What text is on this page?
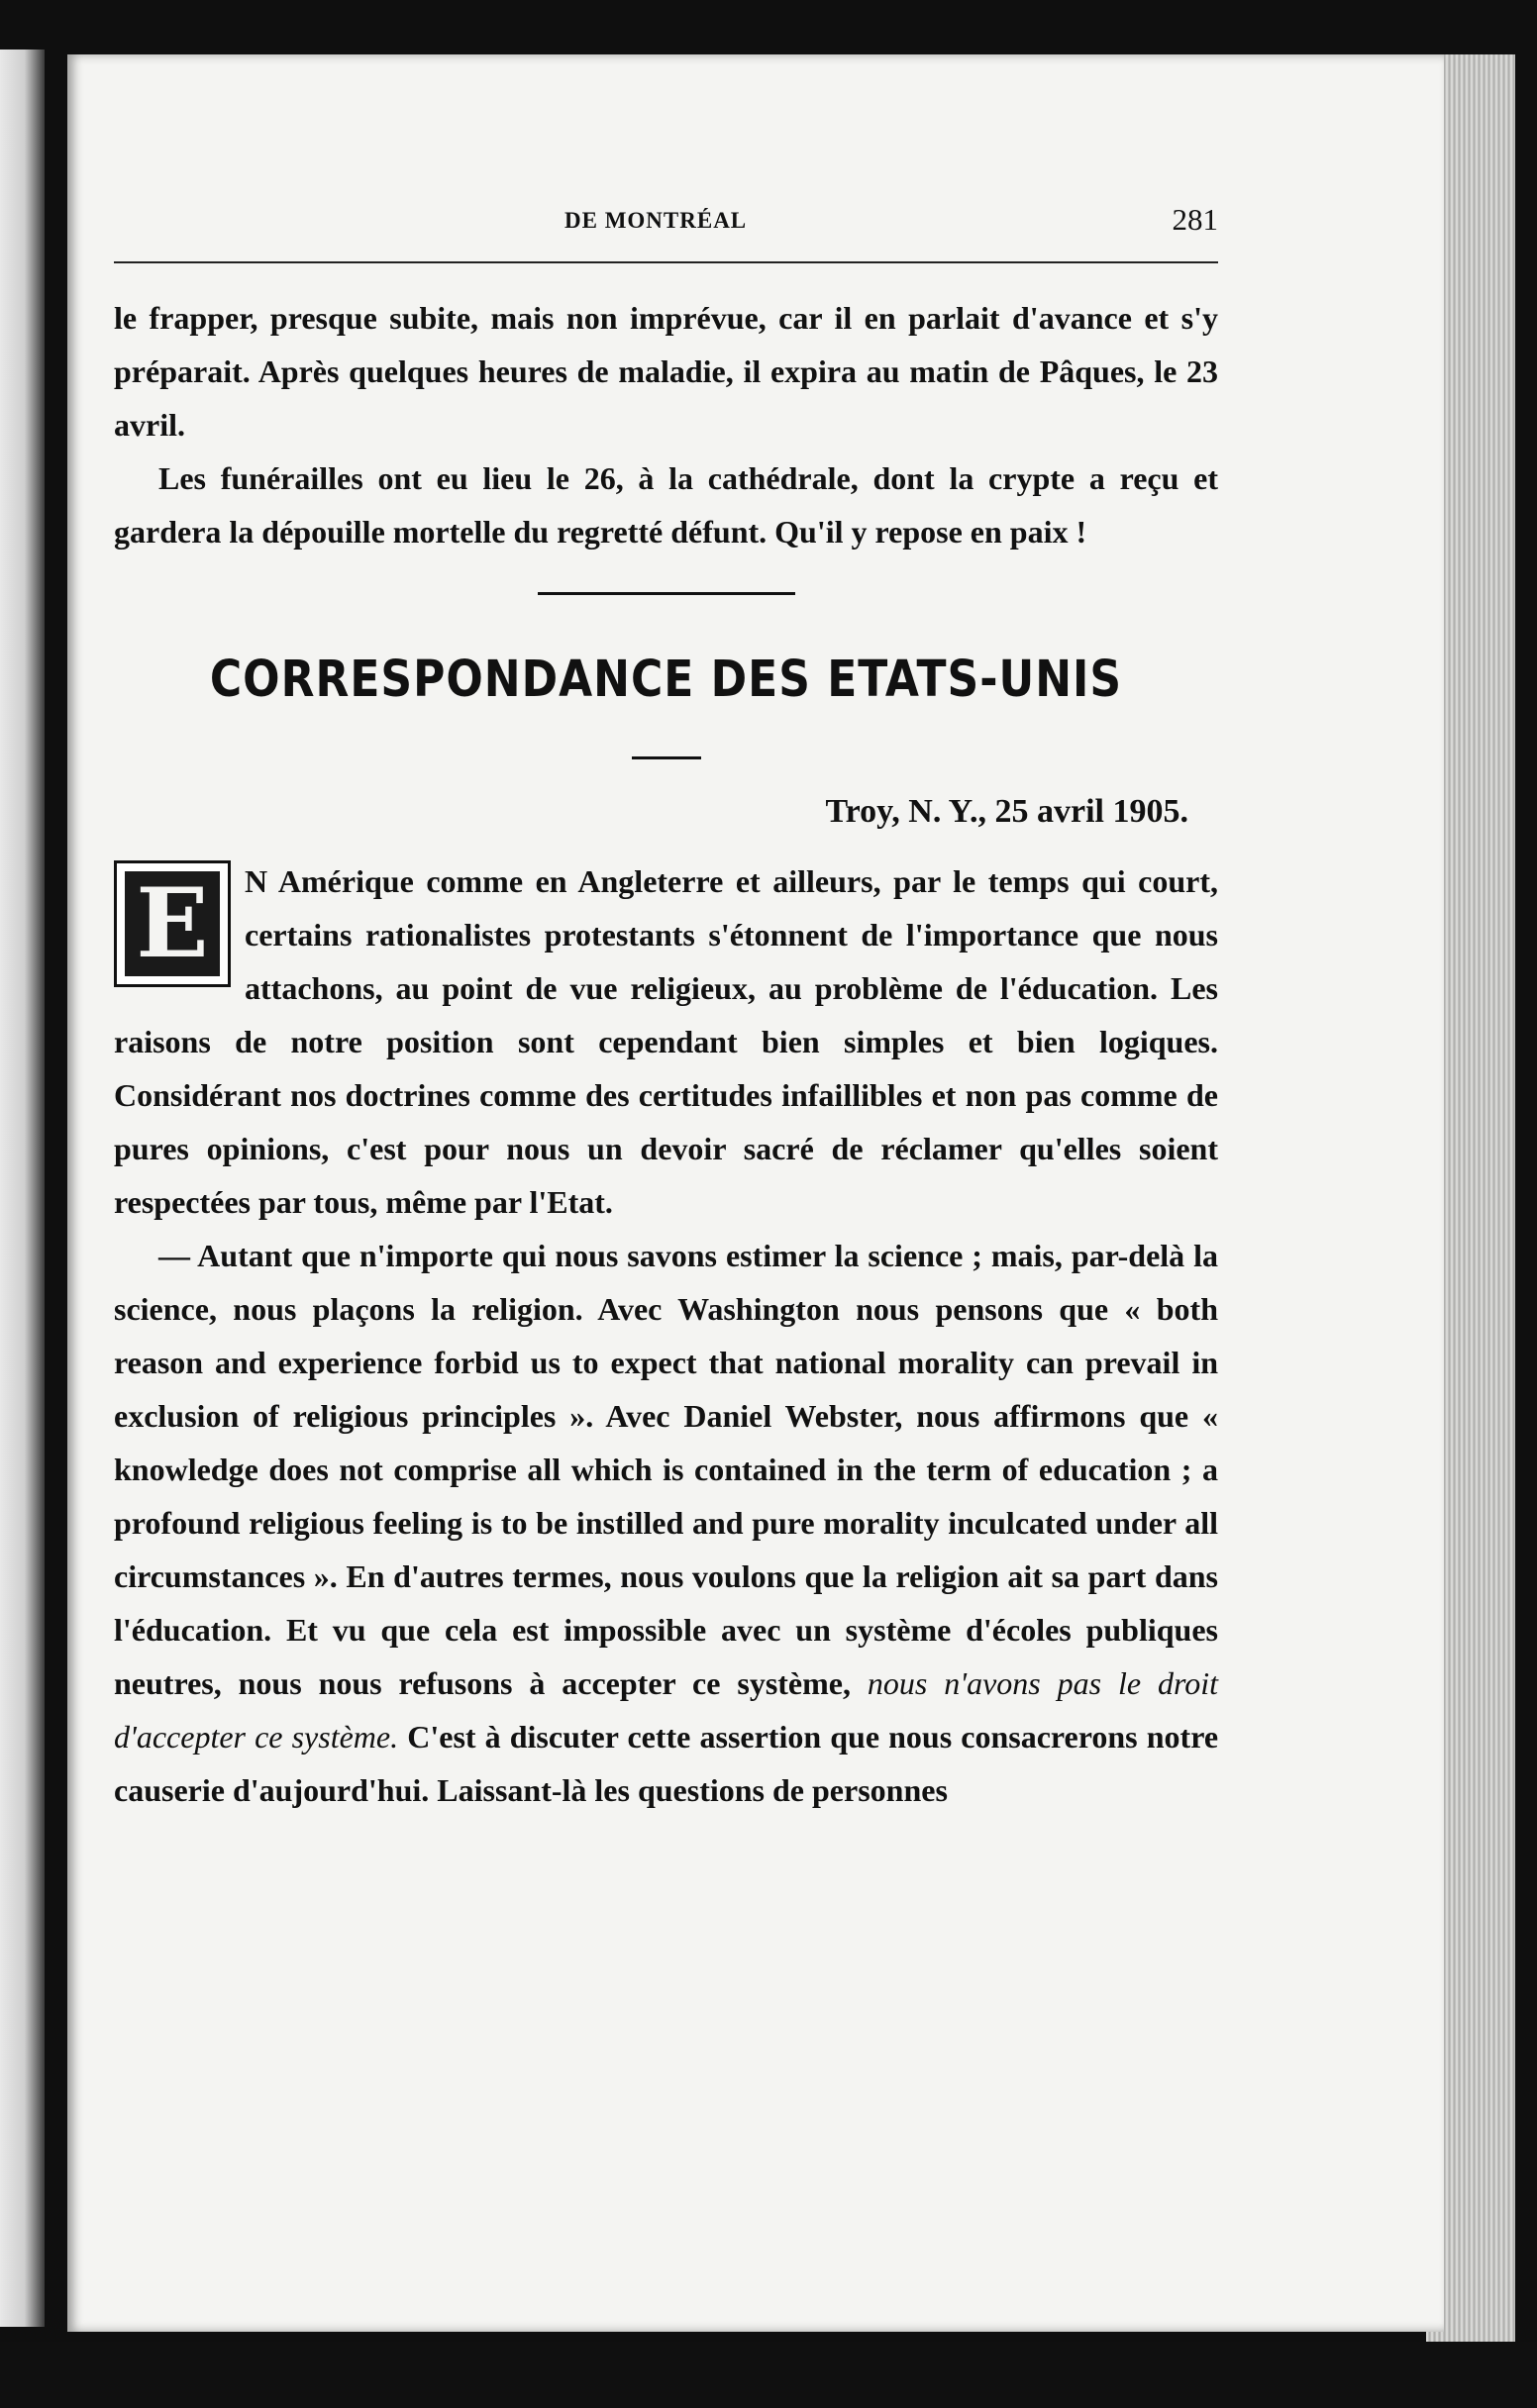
DE MONTRÉAL	281

le frapper, presque subite, mais non imprévue, car il en parlait d'avance et s'y préparait. Après quelques heures de maladie, il expira au matin de Pâques, le 23 avril.

Les funérailles ont eu lieu le 26, à la cathédrale, dont la crypte a reçu et gardera la dépouille mortelle du regretté défunt. Qu'il y repose en paix !

CORRESPONDANCE DES ETATS-UNIS
Troy, N. Y., 25 avril 1905.

E N Amérique comme en Angleterre et ailleurs, par le temps qui court, certains rationalistes protestants s'étonnent de l'importance que nous attachons, au point de vue religieux, au problème de l'éducation. Les raisons de notre position sont cependant bien simples et bien logiques. Considérant nos doctrines comme des certitudes infaillibles et non pas comme de pures opinions, c'est pour nous un devoir sacré de réclamer qu'elles soient respectées par tous, même par l'Etat.

— Autant que n'importe qui nous savons estimer la science ; mais, par-delà la science, nous plaçons la religion. Avec Washington nous pensons que « both reason and experience forbid us to expect that national morality can prevail in exclusion of religious principles ». Avec Daniel Webster, nous affirmons que « knowledge does not comprise all which is contained in the term of education ; a profound religious feeling is to be instilled and pure morality inculcated under all circumstances ». En d'autres termes, nous voulons que la religion ait sa part dans l'éducation. Et vu que cela est impossible avec un système d'écoles publiques neutres, nous nous refusons à accepter ce système, nous n'avons pas le droit d'accepter ce système. C'est à discuter cette assertion que nous consacrerons notre causerie d'aujourd'hui. Laissant-là les questions de personnes
